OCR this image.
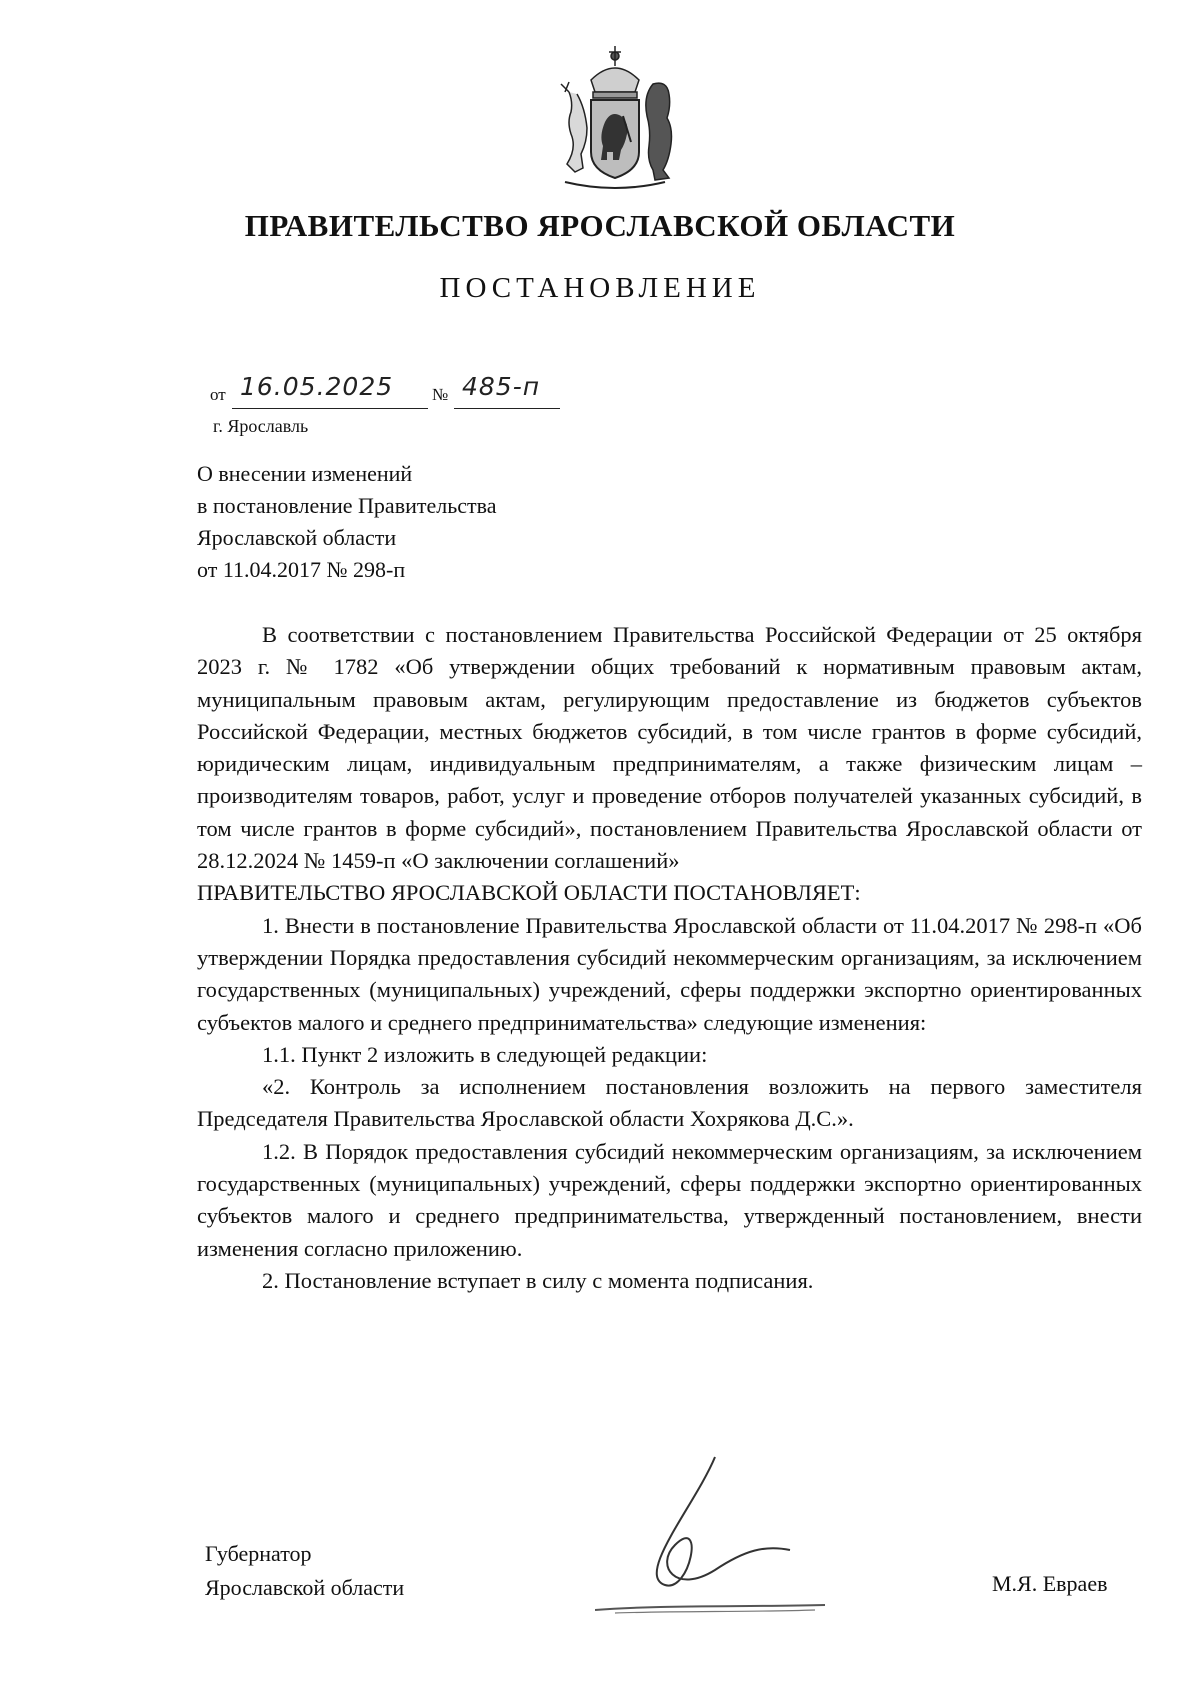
ПРАВИТЕЛЬСТВО ЯРОСЛАВСКОЙ ОБЛАСТИ
ПОСТАНОВЛЕНИЕ
от 16.05.2025 № 485-п
г. Ярославль
О внесении изменений
в постановление Правительства
Ярославской области
от 11.04.2017 № 298-п

В соответствии с постановлением Правительства Российской Федерации от 25 октября 2023 г. № 1782 «Об утверждении общих требований к нормативным правовым актам, муниципальным правовым актам, регулирующим предоставление из бюджетов субъектов Российской Федерации, местных бюджетов субсидий, в том числе грантов в форме субсидий, юридическим лицам, индивидуальным предпринимателям, а также физическим лицам – производителям товаров, работ, услуг и проведение отборов получателей указанных субсидий, в том числе грантов в форме субсидий», постановлением Правительства Ярославской области от 28.12.2024 № 1459-п «О заключении соглашений»

ПРАВИТЕЛЬСТВО ЯРОСЛАВСКОЙ ОБЛАСТИ ПОСТАНОВЛЯЕТ:

1. Внести в постановление Правительства Ярославской области от 11.04.2017 № 298-п «Об утверждении Порядка предоставления субсидий некоммерческим организациям, за исключением государственных (муниципальных) учреждений, сферы поддержки экспортно ориентированных субъектов малого и среднего предпринимательства» следующие изменения:

1.1. Пункт 2 изложить в следующей редакции:

«2. Контроль за исполнением постановления возложить на первого заместителя Председателя Правительства Ярославской области Хохрякова Д.С.».

1.2. В Порядок предоставления субсидий некоммерческим организациям, за исключением государственных (муниципальных) учреждений, сферы поддержки экспортно ориентированных субъектов малого и среднего предпринимательства, утвержденный постановлением, внести изменения согласно приложению.

2. Постановление вступает в силу с момента подписания.

Губернатор
Ярославской области	М.Я. Евраев
